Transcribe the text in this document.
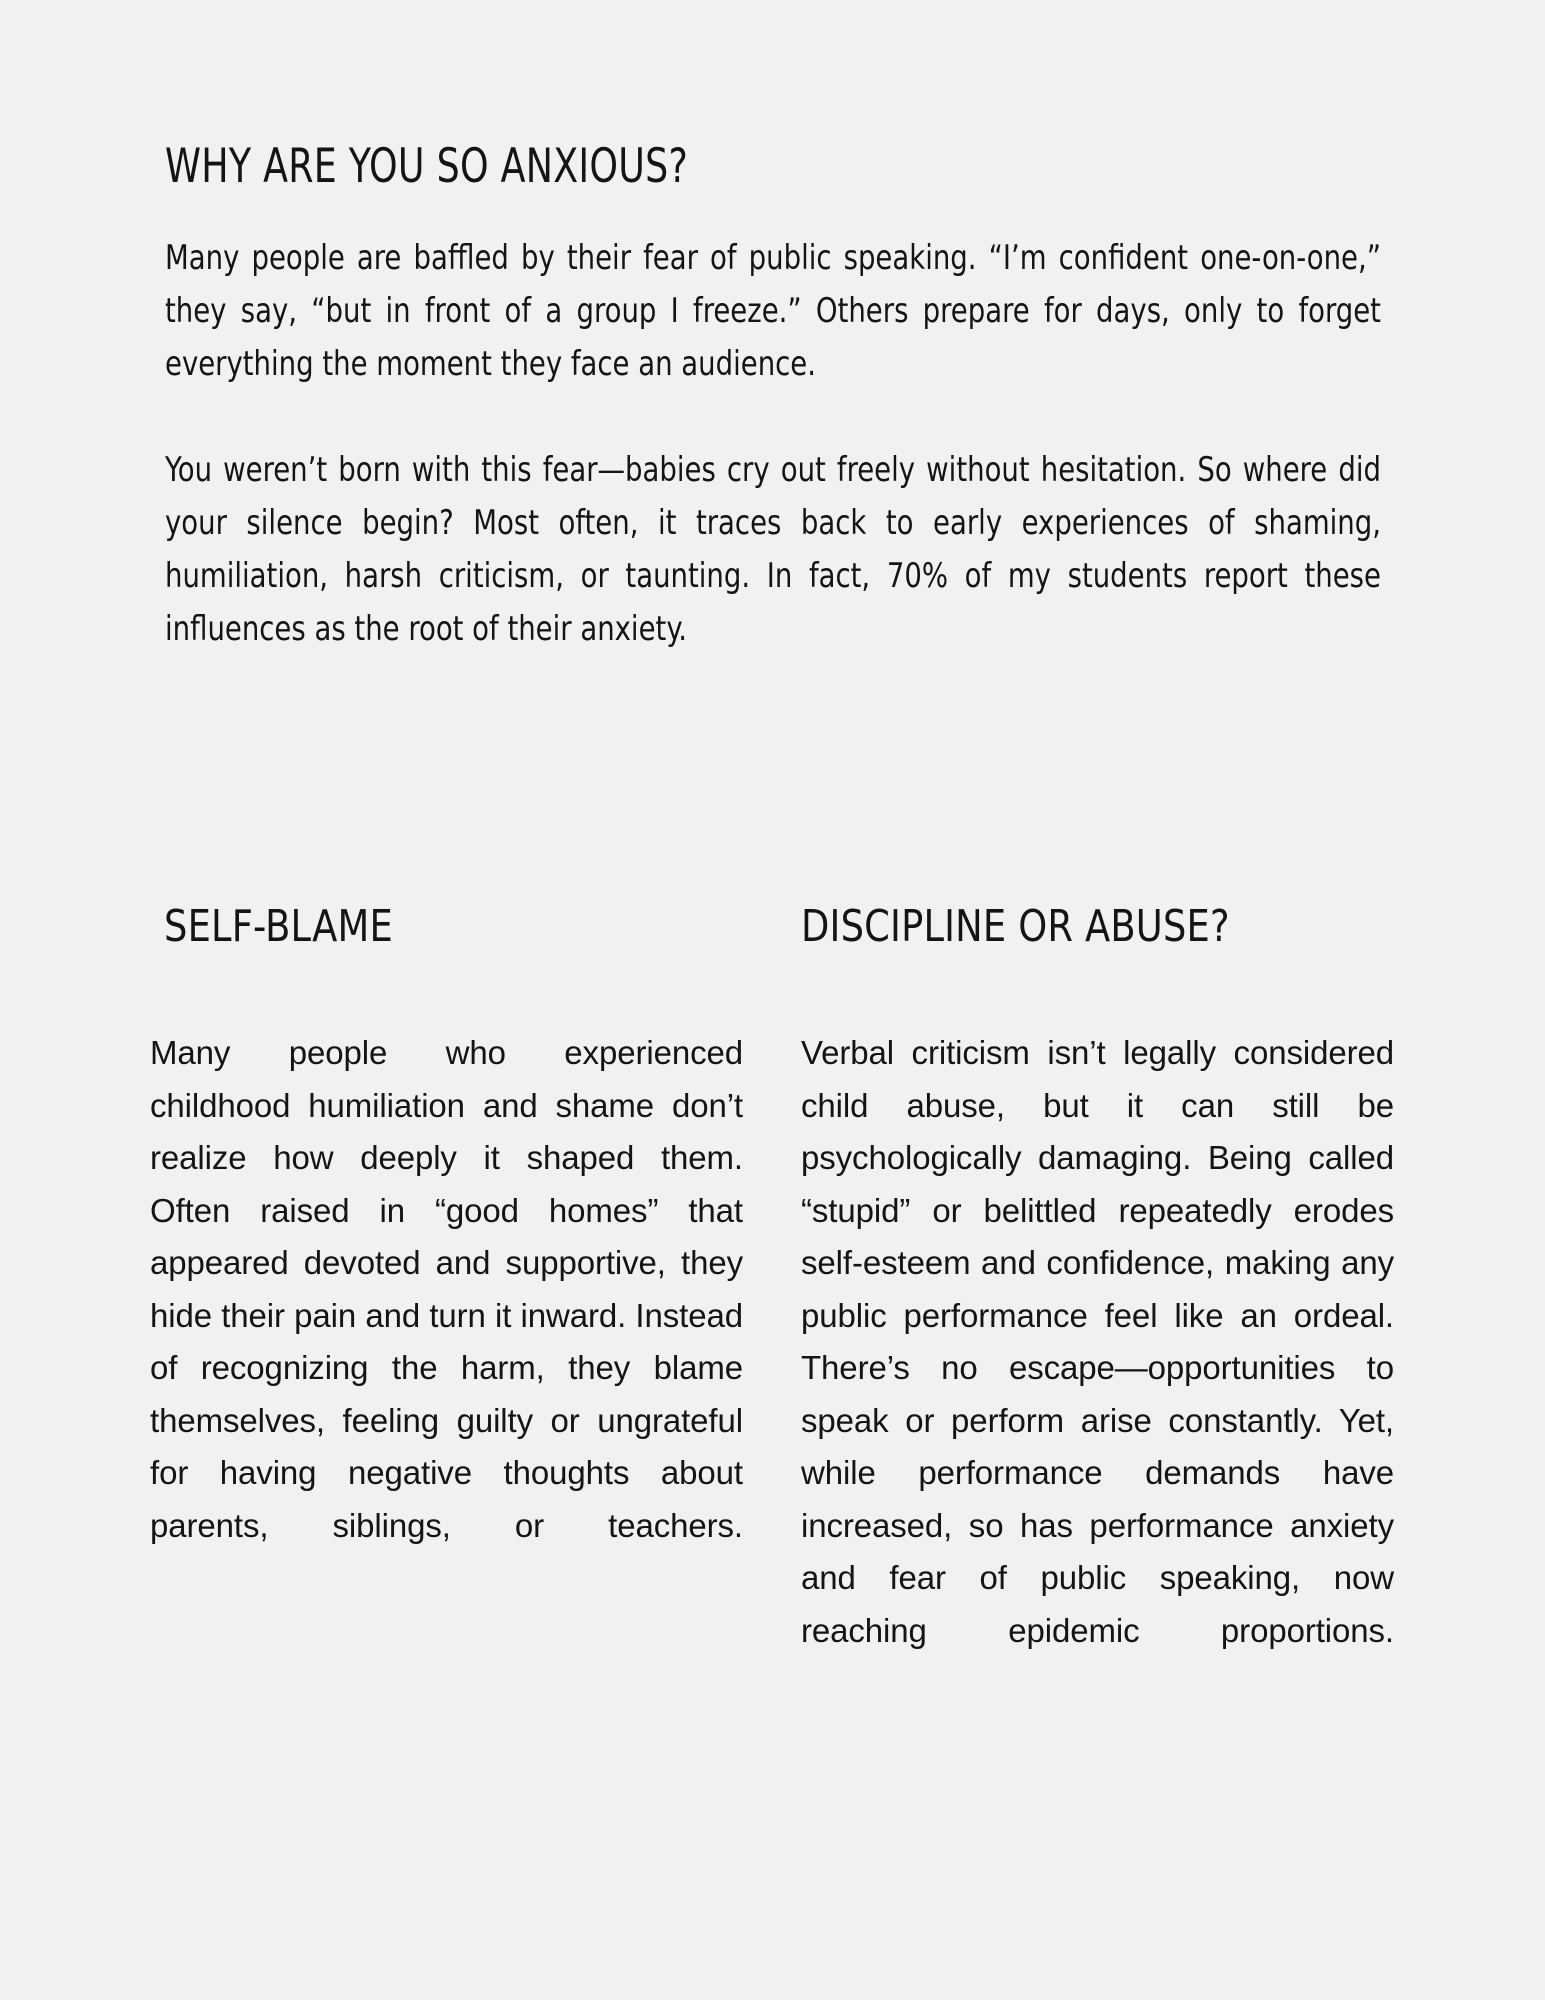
WHY ARE YOU SO ANXIOUS?

Many people are baffled by their fear of public speaking. “I’m confident one-on-one,” they say, “but in front of a group I freeze.” Others prepare for days, only to forget everything the moment they face an audience.

You weren’t born with this fear—babies cry out freely without hesitation. So where did your silence begin? Most often, it traces back to early experiences of shaming, humiliation, harsh criticism, or taunting. In fact, 70% of my students report these influences as the root of their anxiety.

SELF-BLAME

Many people who experienced childhood humiliation and shame don’t realize how deeply it shaped them. Often raised in “good homes” that appeared devoted and supportive, they hide their pain and turn it inward. Instead of recognizing the harm, they blame themselves, feeling guilty or ungrateful for having negative thoughts about parents, siblings, or teachers.

DISCIPLINE OR ABUSE?

Verbal criticism isn’t legally considered child abuse, but it can still be psychologically damaging. Being called “stupid” or belittled repeatedly erodes self-esteem and confidence, making any public performance feel like an ordeal. There’s no escape—opportunities to speak or perform arise constantly. Yet, while performance demands have increased, so has performance anxiety and fear of public speaking, now reaching epidemic proportions.
